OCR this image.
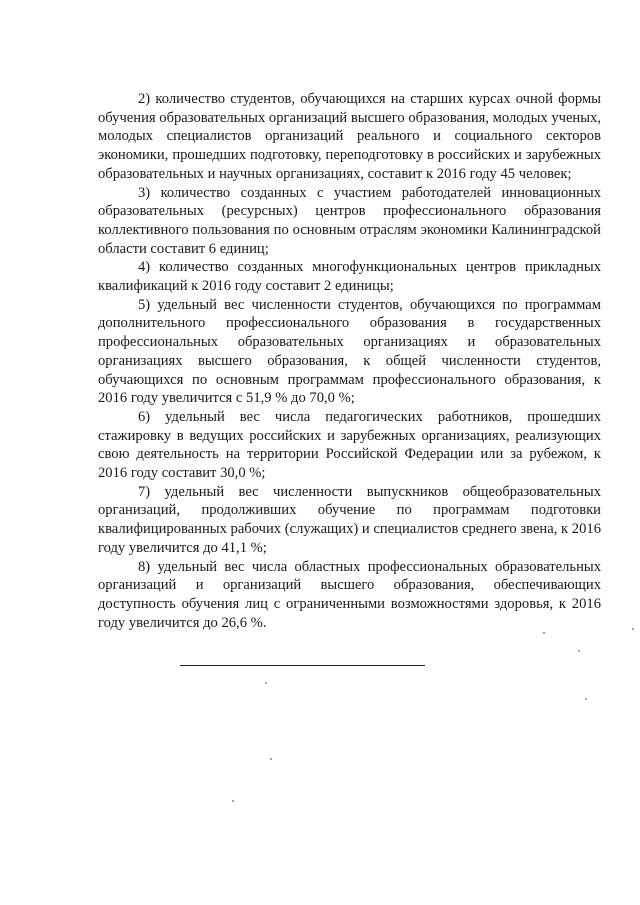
2) количество студентов, обучающихся на старших курсах очной формы обучения образовательных организаций высшего образования, молодых ученых, молодых специалистов организаций реального и социального секторов экономики, прошедших подготовку, переподготовку в российских и зарубежных образовательных и научных организациях, составит к 2016 году 45 человек;

3) количество созданных с участием работодателей инновационных образовательных (ресурсных) центров профессионального образования коллективного пользования по основным отраслям экономики Калининградской области составит 6 единиц;

4) количество созданных многофункциональных центров прикладных квалификаций к 2016 году составит 2 единицы;

5) удельный вес численности студентов, обучающихся по программам дополнительного профессионального образования в государственных профессиональных образовательных организациях и образовательных организациях высшего образования, к общей численности студентов, обучающихся по основным программам профессионального образования, к 2016 году увеличится с 51,9 % до 70,0 %;

6) удельный вес числа педагогических работников, прошедших стажировку в ведущих российских и зарубежных организациях, реализующих свою деятельность на территории Российской Федерации или за рубежом, к 2016 году составит 30,0 %;

7) удельный вес численности выпускников общеобразовательных организаций, продолживших обучение по программам подготовки квалифицированных рабочих (служащих) и специалистов среднего звена, к 2016 году увеличится до 41,1 %;

8) удельный вес числа областных профессиональных образовательных организаций и организаций высшего образования, обеспечивающих доступность обучения лиц с ограниченными возможностями здоровья, к 2016 году увеличится до 26,6 %.
